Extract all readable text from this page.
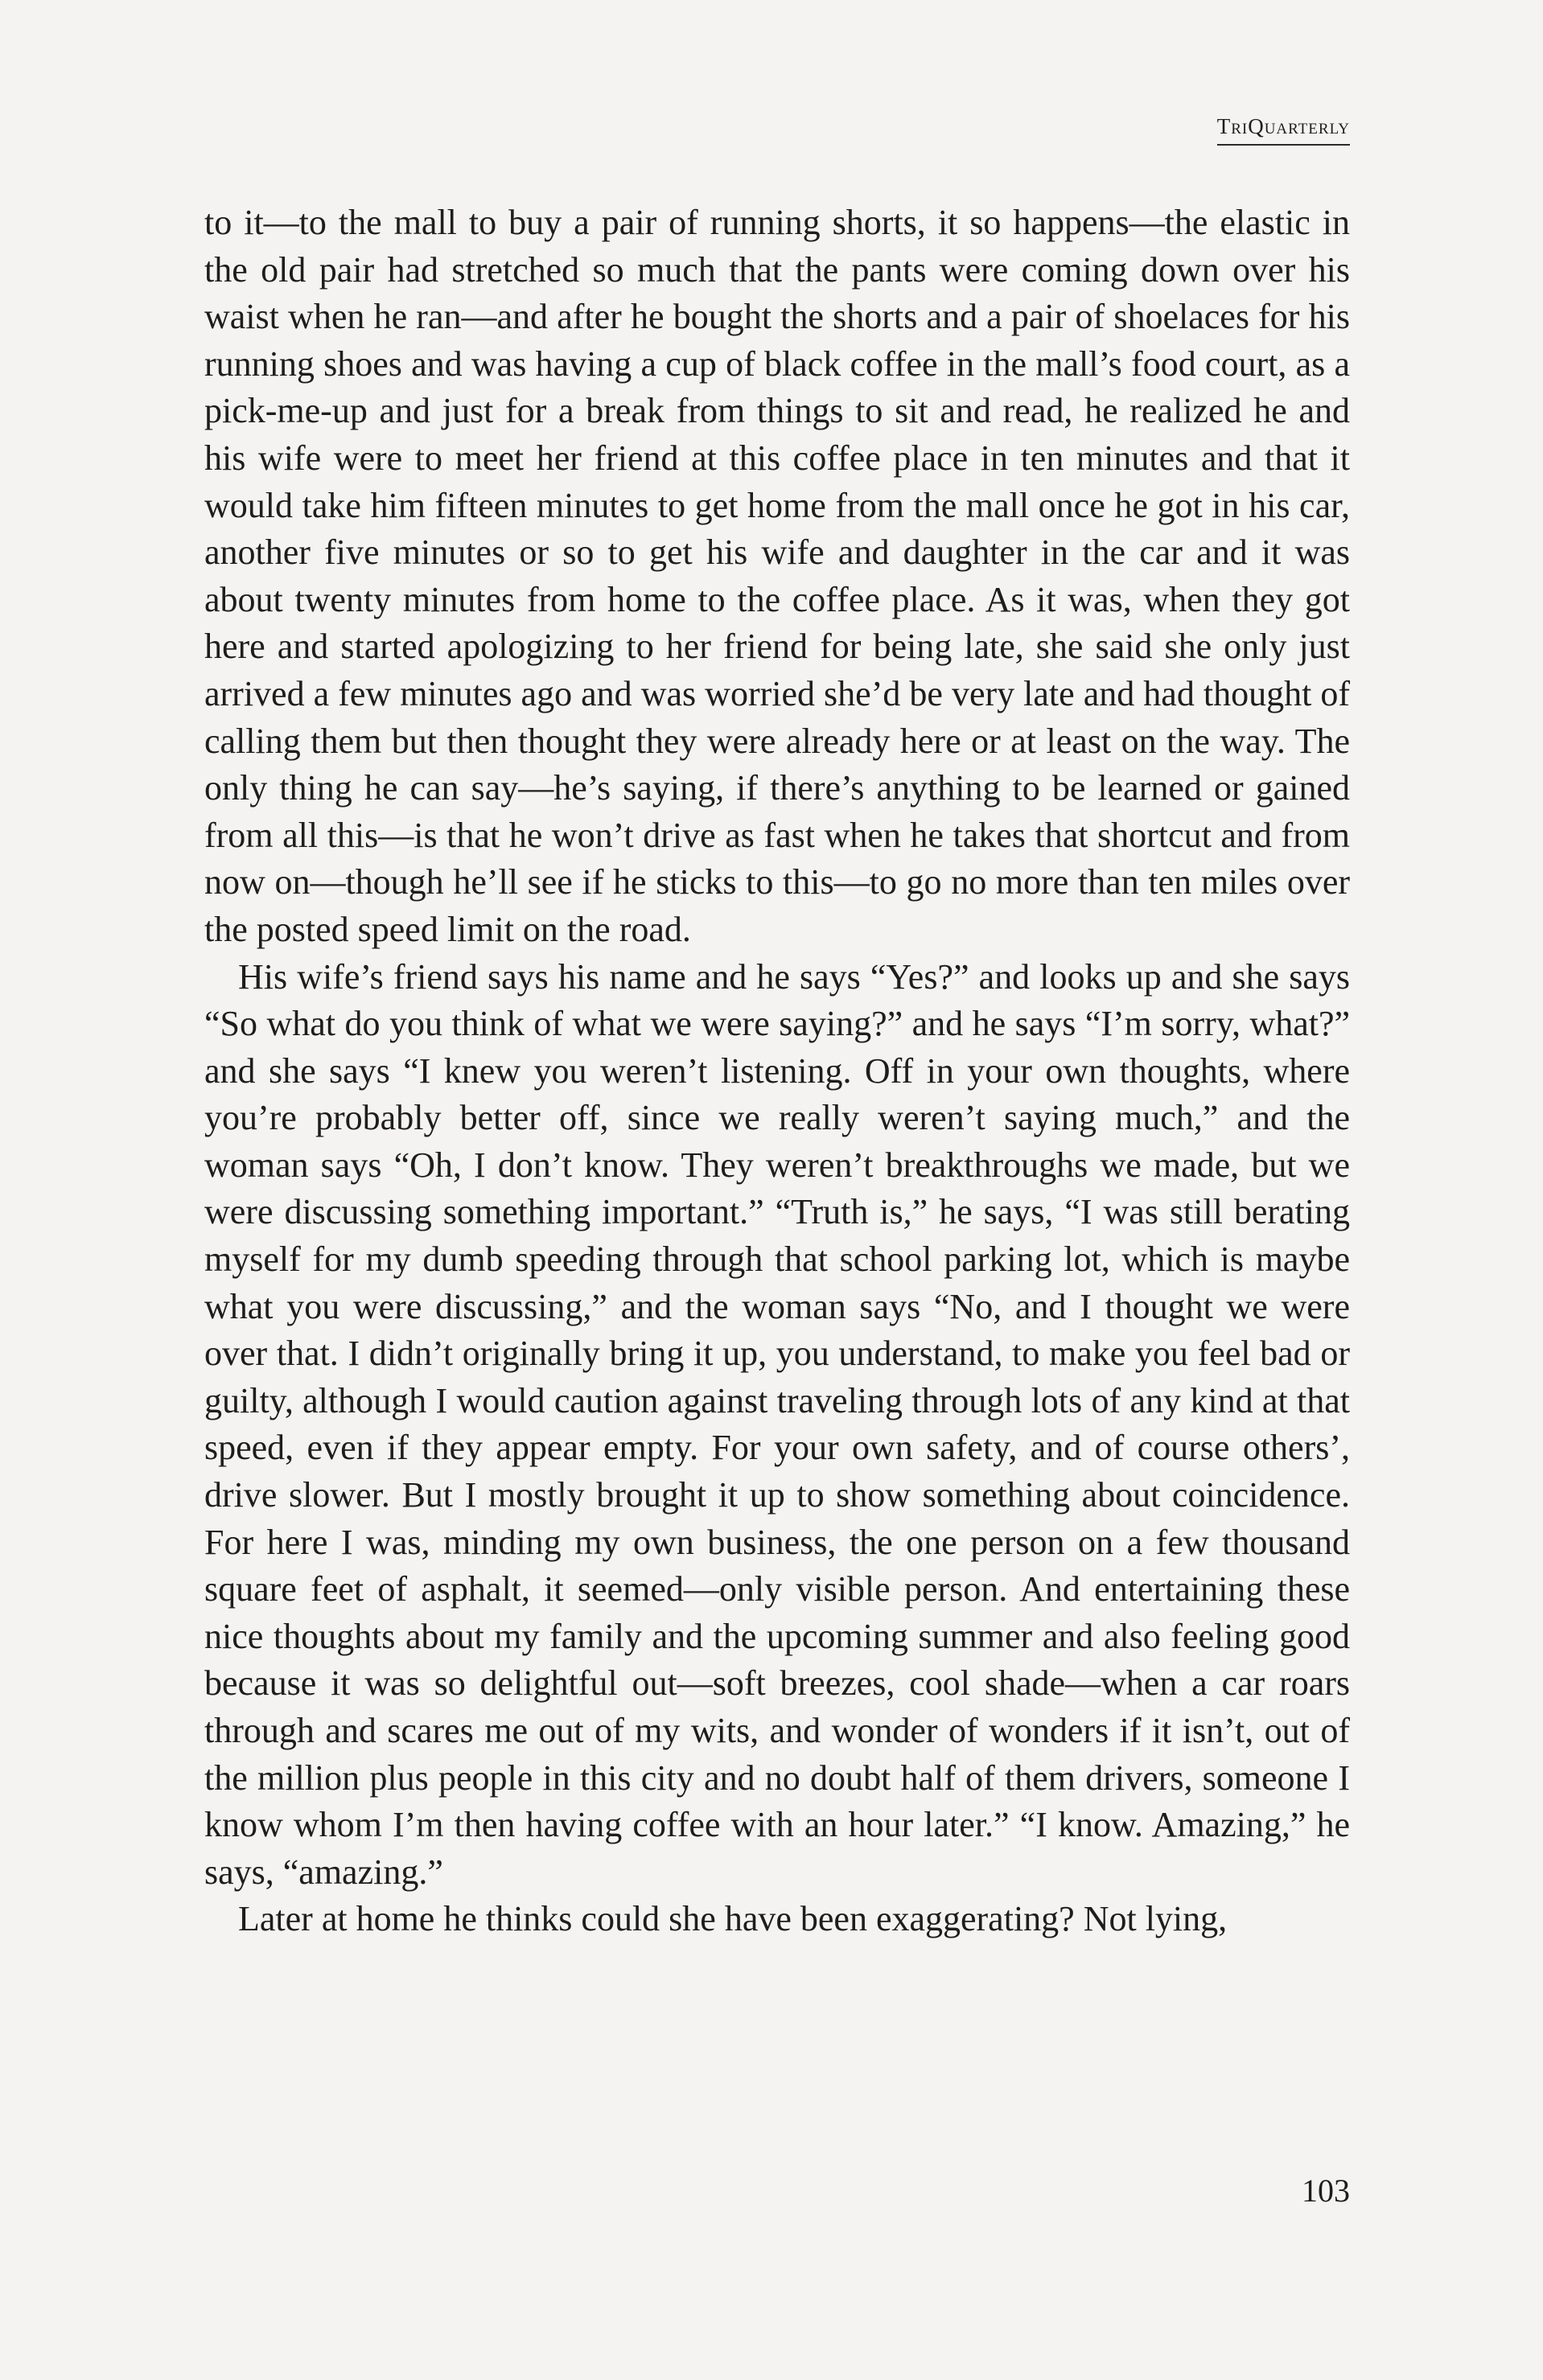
TriQuarterly

to it—to the mall to buy a pair of running shorts, it so happens—the elastic in the old pair had stretched so much that the pants were coming down over his waist when he ran—and after he bought the shorts and a pair of shoelaces for his running shoes and was having a cup of black coffee in the mall’s food court, as a pick-me-up and just for a break from things to sit and read, he realized he and his wife were to meet her friend at this coffee place in ten minutes and that it would take him fifteen minutes to get home from the mall once he got in his car, another five minutes or so to get his wife and daughter in the car and it was about twenty minutes from home to the coffee place. As it was, when they got here and started apologizing to her friend for being late, she said she only just arrived a few minutes ago and was worried she’d be very late and had thought of calling them but then thought they were already here or at least on the way. The only thing he can say—he’s saying, if there’s anything to be learned or gained from all this—is that he won’t drive as fast when he takes that shortcut and from now on—though he’ll see if he sticks to this—to go no more than ten miles over the posted speed limit on the road.

His wife’s friend says his name and he says “Yes?” and looks up and she says “So what do you think of what we were saying?” and he says “I’m sorry, what?” and she says “I knew you weren’t listening. Off in your own thoughts, where you’re probably better off, since we really weren’t saying much,” and the woman says “Oh, I don’t know. They weren’t breakthroughs we made, but we were discussing something important.” “Truth is,” he says, “I was still berating myself for my dumb speeding through that school parking lot, which is maybe what you were discussing,” and the woman says “No, and I thought we were over that. I didn’t originally bring it up, you understand, to make you feel bad or guilty, although I would caution against traveling through lots of any kind at that speed, even if they appear empty. For your own safety, and of course others’, drive slower. But I mostly brought it up to show something about coincidence. For here I was, minding my own business, the one person on a few thousand square feet of asphalt, it seemed—only visible person. And entertaining these nice thoughts about my family and the upcoming summer and also feeling good because it was so delightful out—soft breezes, cool shade—when a car roars through and scares me out of my wits, and wonder of wonders if it isn’t, out of the million plus people in this city and no doubt half of them drivers, someone I know whom I’m then having coffee with an hour later.” “I know. Amazing,” he says, “amazing.”

Later at home he thinks could she have been exaggerating? Not lying,

103
